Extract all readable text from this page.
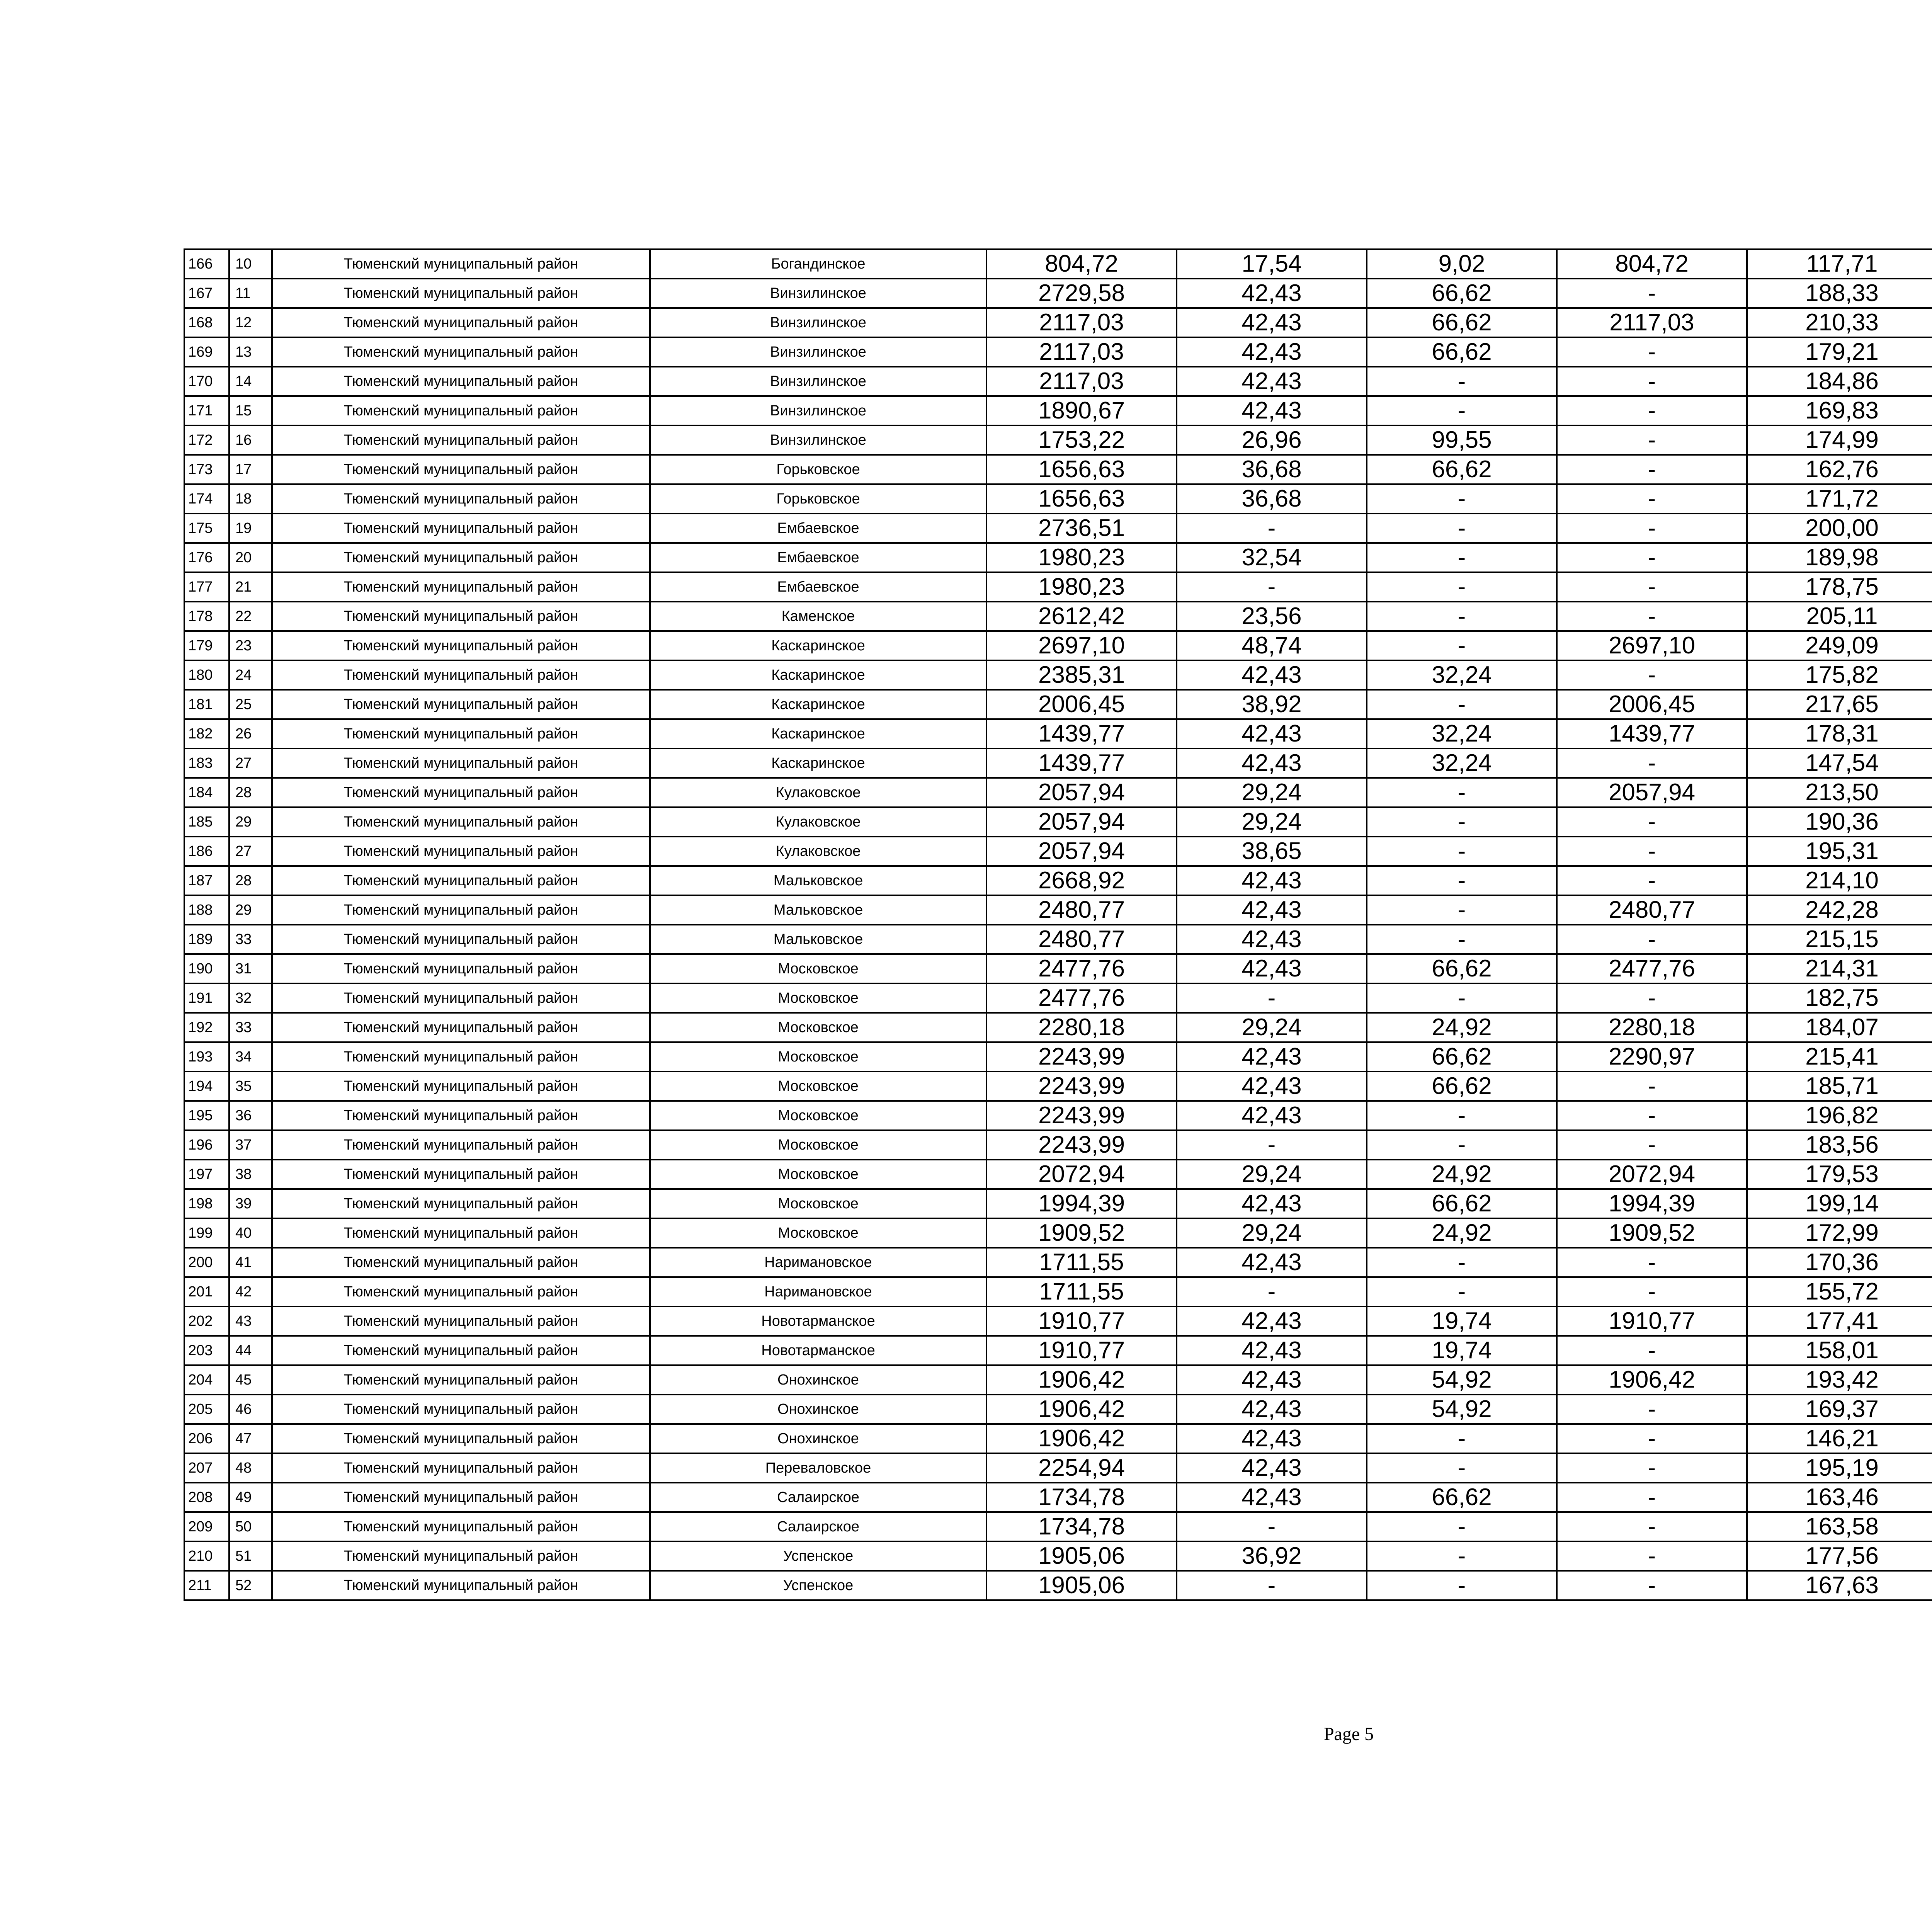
166	10	Тюменский муниципальный район	Богандинское	804,72	17,54	9,02	804,72	117,71			
167	11	Тюменский муниципальный район	Винзилинское	2729,58	42,43	66,62	-	188,33			
168	12	Тюменский муниципальный район	Винзилинское	2117,03	42,43	66,62	2117,03	210,33			
169	13	Тюменский муниципальный район	Винзилинское	2117,03	42,43	66,62	-	179,21			
170	14	Тюменский муниципальный район	Винзилинское	2117,03	42,43	-	-	184,86			
171	15	Тюменский муниципальный район	Винзилинское	1890,67	42,43	-	-	169,83			
172	16	Тюменский муниципальный район	Винзилинское	1753,22	26,96	99,55	-	174,99			
173	17	Тюменский муниципальный район	Горьковское	1656,63	36,68	66,62	-	162,76			
174	18	Тюменский муниципальный район	Горьковское	1656,63	36,68	-	-	171,72			
175	19	Тюменский муниципальный район	Ембаевское	2736,51	-	-	-	200,00			
176	20	Тюменский муниципальный район	Ембаевское	1980,23	32,54	-	-	189,98			
177	21	Тюменский муниципальный район	Ембаевское	1980,23	-	-	-	178,75			
178	22	Тюменский муниципальный район	Каменское	2612,42	23,56	-	-	205,11			
179	23	Тюменский муниципальный район	Каскаринское	2697,10	48,74	-	2697,10	249,09			
180	24	Тюменский муниципальный район	Каскаринское	2385,31	42,43	32,24	-	175,82			
181	25	Тюменский муниципальный район	Каскаринское	2006,45	38,92	-	2006,45	217,65			
182	26	Тюменский муниципальный район	Каскаринское	1439,77	42,43	32,24	1439,77	178,31			
183	27	Тюменский муниципальный район	Каскаринское	1439,77	42,43	32,24	-	147,54			
184	28	Тюменский муниципальный район	Кулаковское	2057,94	29,24	-	2057,94	213,50			
185	29	Тюменский муниципальный район	Кулаковское	2057,94	29,24	-	-	190,36			
186	27	Тюменский муниципальный район	Кулаковское	2057,94	38,65	-	-	195,31			
187	28	Тюменский муниципальный район	Мальковское	2668,92	42,43	-	-	214,10			
188	29	Тюменский муниципальный район	Мальковское	2480,77	42,43	-	2480,77	242,28			
189	33	Тюменский муниципальный район	Мальковское	2480,77	42,43	-	-	215,15			
190	31	Тюменский муниципальный район	Московское	2477,76	42,43	66,62	2477,76	214,31			
191	32	Тюменский муниципальный район	Московское	2477,76	-	-	-	182,75			
192	33	Тюменский муниципальный район	Московское	2280,18	29,24	24,92	2280,18	184,07			
193	34	Тюменский муниципальный район	Московское	2243,99	42,43	66,62	2290,97	215,41			
194	35	Тюменский муниципальный район	Московское	2243,99	42,43	66,62	-	185,71			
195	36	Тюменский муниципальный район	Московское	2243,99	42,43	-	-	196,82			
196	37	Тюменский муниципальный район	Московское	2243,99	-	-	-	183,56			
197	38	Тюменский муниципальный район	Московское	2072,94	29,24	24,92	2072,94	179,53			
198	39	Тюменский муниципальный район	Московское	1994,39	42,43	66,62	1994,39	199,14			
199	40	Тюменский муниципальный район	Московское	1909,52	29,24	24,92	1909,52	172,99			
200	41	Тюменский муниципальный район	Наримановское	1711,55	42,43	-	-	170,36			
201	42	Тюменский муниципальный район	Наримановское	1711,55	-	-	-	155,72			
202	43	Тюменский муниципальный район	Новотарманское	1910,77	42,43	19,74	1910,77	177,41			
203	44	Тюменский муниципальный район	Новотарманское	1910,77	42,43	19,74	-	158,01			
204	45	Тюменский муниципальный район	Онохинское	1906,42	42,43	54,92	1906,42	193,42			
205	46	Тюменский муниципальный район	Онохинское	1906,42	42,43	54,92	-	169,37			
206	47	Тюменский муниципальный район	Онохинское	1906,42	42,43	-	-	146,21			
207	48	Тюменский муниципальный район	Переваловское	2254,94	42,43	-	-	195,19			
208	49	Тюменский муниципальный район	Салаирское	1734,78	42,43	66,62	-	163,46			
209	50	Тюменский муниципальный район	Салаирское	1734,78	-	-	-	163,58			
210	51	Тюменский муниципальный район	Успенское	1905,06	36,92	-	-	177,56			
211	52	Тюменский муниципальный район	Успенское	1905,06	-	-	-	167,63			
Page 5
